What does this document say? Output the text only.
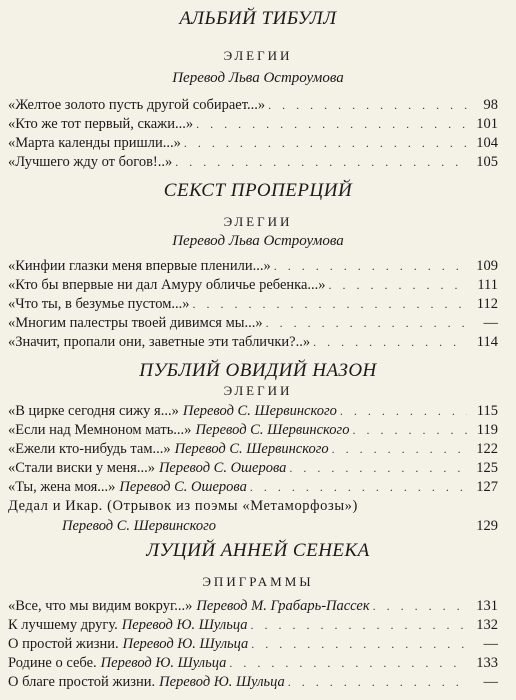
АЛЬБИЙ ТИБУЛЛ
ЭЛЕГИИ
Перевод Льва Остроумова
«Желтое золото пусть другой собирает...» . . .	98
«Кто же тот первый, скажи...» . . .	101
«Марта календы пришли...» . . .	104
«Лучшего жду от богов!..» . . .	105
СЕКСТ ПРОПЕРЦИЙ
ЭЛЕГИИ
Перевод Льва Остроумова
«Кинфии глазки меня впервые пленили...» . . .	109
«Кто бы впервые ни дал Амуру обличье ребенка...» . . .	111
«Что ты, в безумье пустом...» . . .	112
«Многим палестры твоей дивимся мы...» . . .	—
«Значит, пропали они, заветные эти таблички?..» . . .	114
ПУБЛИЙ ОВИДИЙ НАЗОН
ЭЛЕГИИ
«В цирке сегодня сижу я...» Перевод С. Шервинского . . .	115
«Если над Мемноном мать...» Перевод С. Шервинского . . .	119
«Ежели кто-нибудь там...» Перевод С. Шервинского . . .	122
«Стали виски у меня...» Перевод С. Ошерова . . .	125
«Ты, жена моя...» Перевод С. Ошерова . . .	127
Дедал и Икар. (Отрывок из поэмы «Метаморфозы»)
Перевод С. Шервинского	129
ЛУЦИЙ АННЕЙ СЕНЕКА
ЭПИГРАММЫ
«Все, что мы видим вокруг...» Перевод М. Грабарь-Пассек . . .	131
К лучшему другу. Перевод Ю. Шульца . . .	132
О простой жизни. Перевод Ю. Шульца . . .	—
Родине о себе. Перевод Ю. Шульца . . .	133
О благе простой жизни. Перевод Ю. Шульца . . .	—
